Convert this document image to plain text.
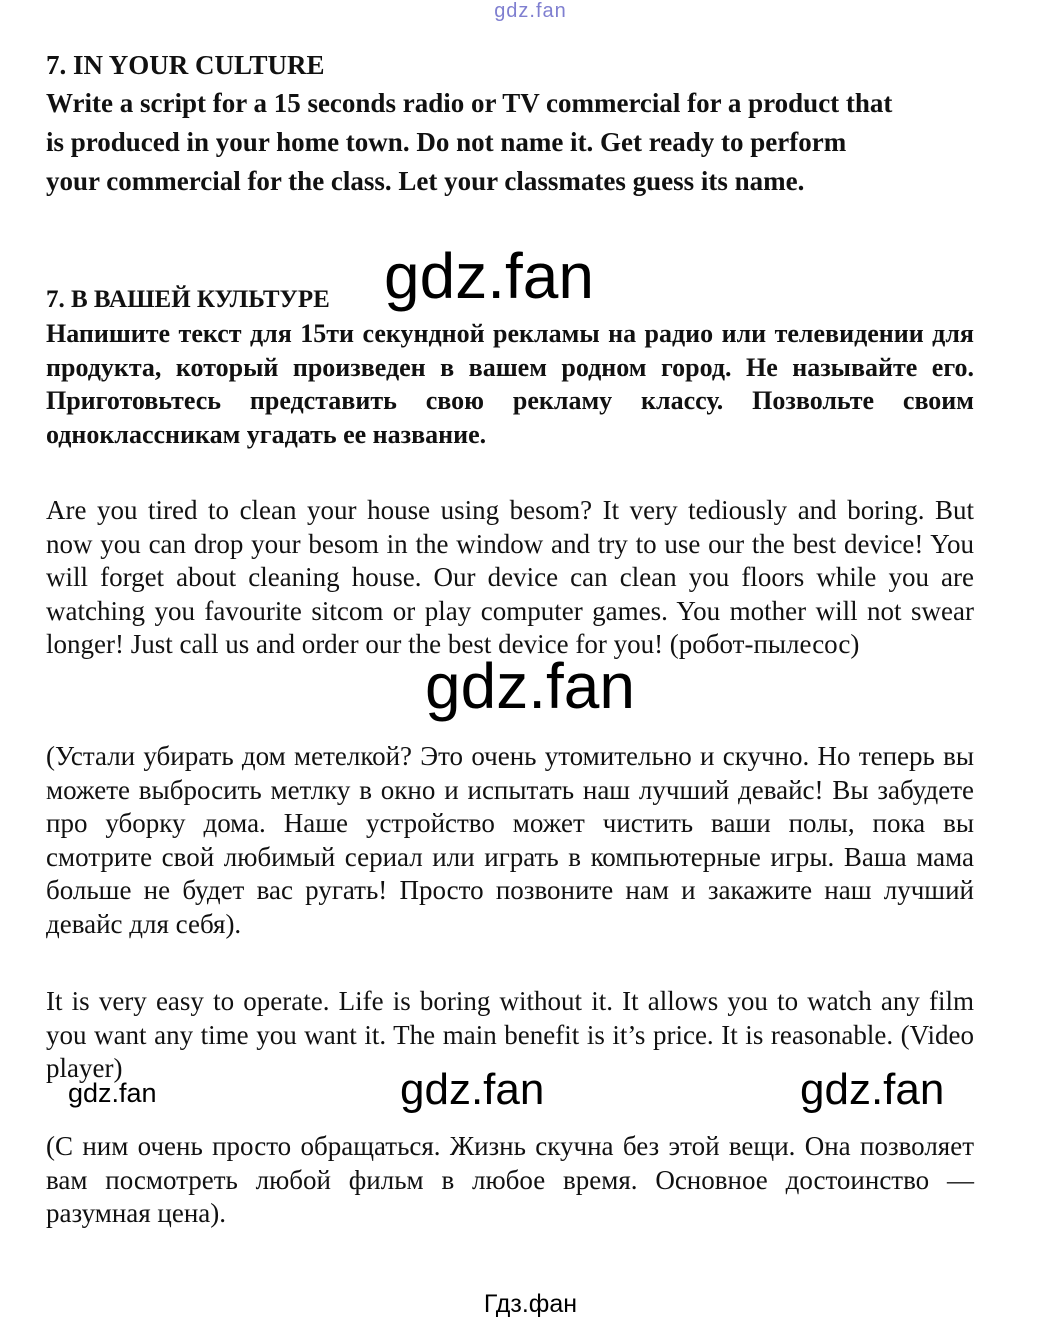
gdz.fan

7. IN YOUR CULTURE

Write a script for a 15 seconds radio or TV commercial for a product that

is produced in your home town. Do not name it. Get ready to perform

your commercial for the class. Let your classmates guess its name.

7. В ВАШЕЙ КУЛЬТУРЕ

Напишите текст для 15ти секундной рекламы на радио или телевидении для продукта, который произведен в вашем родном город. Не называйте его. Приготовьтесь представить свою рекламу классу. Позвольте своим одноклассникам угадать ее название.

Are you tired to clean your house using besom? It very tediously and boring. But now you can drop your besom in the window and try to use our the best device! You will forget about cleaning house. Our device can clean you floors while you are watching you favourite sitcom or play computer games. You mother will not swear longer! Just call us and order our the best device for you! (робот-пылесос)

(Устали убирать дом метелкой? Это очень утомительно и скучно. Но теперь вы можете выбросить метлку в окно и испытать наш лучший девайс! Вы забудете про уборку дома. Наше устройство может чистить ваши полы, пока вы смотрите свой любимый сериал или играть в компьютерные игры. Ваша мама больше не будет вас ругать! Просто позвоните нам и закажите наш лучший девайс для себя).

It is very easy to operate. Life is boring without it. It allows you to watch any film you want any time you want it. The main benefit is it’s price. It is reasonable. (Video player)

(С ним очень просто обращаться. Жизнь скучна без этой вещи. Она позволяет вам посмотреть любой фильм в любое время. Основное достоинство — разумная цена).

gdz.fan
gdz.fan
gdz.fan	gdz.fan	gdz.fan
Гдз.фан
